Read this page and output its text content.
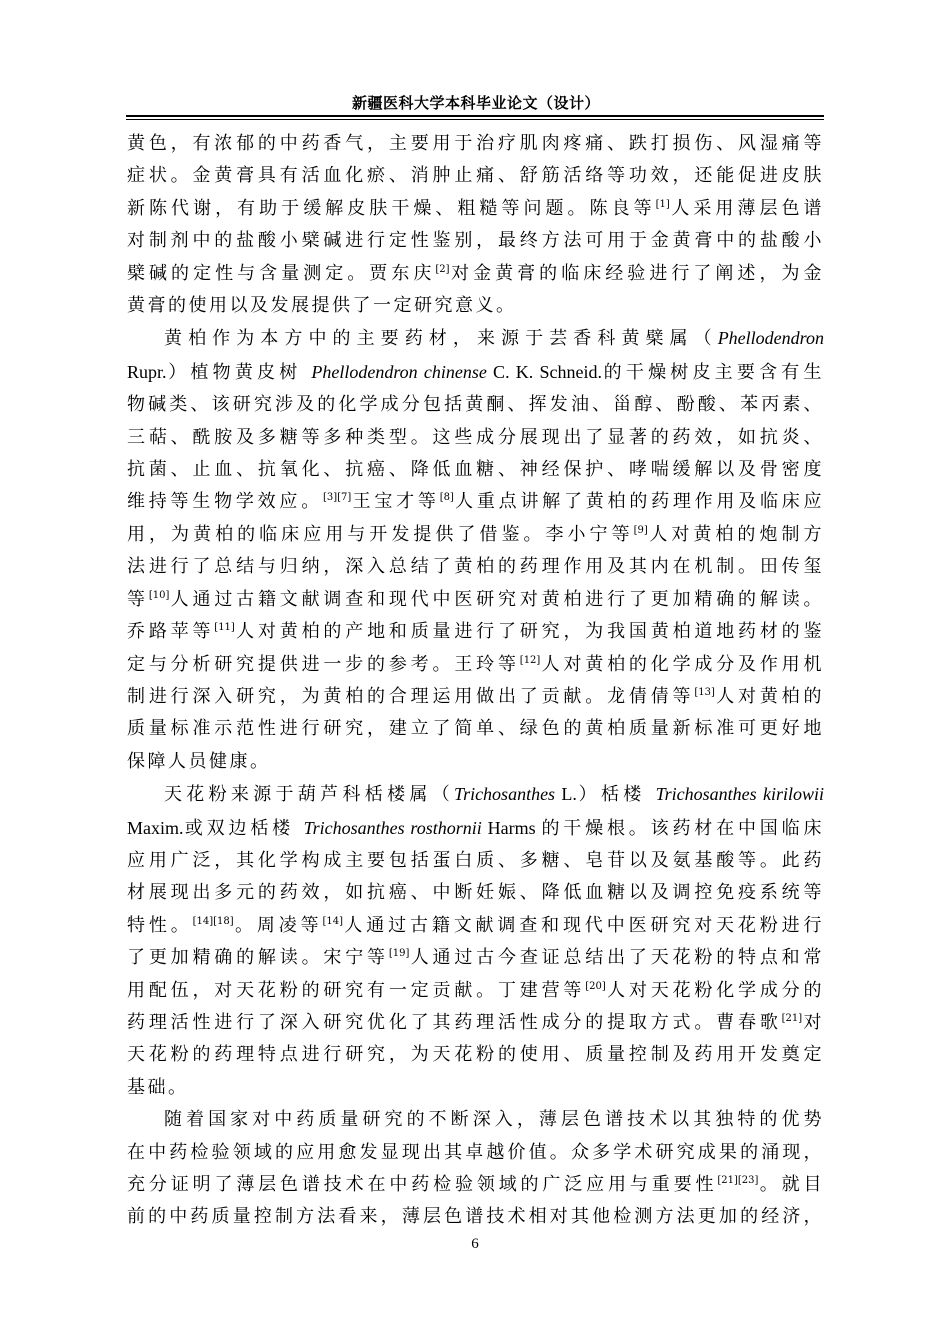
新疆医科大学本科毕业论文（设计）

黄色，有浓郁的中药香气，主要用于治疗肌肉疼痛、跌打损伤、风湿痛等

症状。金黄膏具有活血化瘀、消肿止痛、舒筋活络等功效，还能促进皮肤

新陈代谢，有助于缓解皮肤干燥、粗糙等问题。陈良等[1]人采用薄层色谱

对制剂中的盐酸小檗碱进行定性鉴别，最终方法可用于金黄膏中的盐酸小

檗碱的定性与含量测定。贾东庆[2]对金黄膏的临床经验进行了阐述，为金

黄膏的使用以及发展提供了一定研究意义。

黄柏作为本方中的主要药材，来源于芸香科黄檗属（Phellodendron

Rupr.）植物黄皮树 Phellodendron chinense C. K. Schneid.的干燥树皮主要含有生

物碱类、该研究涉及的化学成分包括黄酮、挥发油、甾醇、酚酸、苯丙素、

三萜、酰胺及多糖等多种类型。这些成分展现出了显著的药效，如抗炎、

抗菌、止血、抗氧化、抗癌、降低血糖、神经保护、哮喘缓解以及骨密度

维持等生物学效应。[3][7]王宝才等[8]人重点讲解了黄柏的药理作用及临床应

用，为黄柏的临床应用与开发提供了借鉴。李小宁等[9]人对黄柏的炮制方

法进行了总结与归纳，深入总结了黄柏的药理作用及其内在机制。田传玺

等[10]人通过古籍文献调查和现代中医研究对黄柏进行了更加精确的解读。

乔路苹等[11]人对黄柏的产地和质量进行了研究，为我国黄柏道地药材的鉴

定与分析研究提供进一步的参考。王玲等[12]人对黄柏的化学成分及作用机

制进行深入研究，为黄柏的合理运用做出了贡献。龙倩倩等[13]人对黄柏的

质量标准示范性进行研究，建立了简单、绿色的黄柏质量新标准可更好地

保障人员健康。

天花粉来源于葫芦科栝楼属（Trichosanthes L.）栝楼 Trichosanthes kirilowii

Maxim.或双边栝楼 Trichosanthes rosthornii Harms 的干燥根。该药材在中国临床

应用广泛，其化学构成主要包括蛋白质、多糖、皂苷以及氨基酸等。此药

材展现出多元的药效，如抗癌、中断妊娠、降低血糖以及调控免疫系统等

特性。[14][18]。周凌等[14]人通过古籍文献调查和现代中医研究对天花粉进行

了更加精确的解读。宋宁等[19]人通过古今查证总结出了天花粉的特点和常

用配伍，对天花粉的研究有一定贡献。丁建营等[20]人对天花粉化学成分的

药理活性进行了深入研究优化了其药理活性成分的提取方式。曹春歌[21]对

天花粉的药理特点进行研究，为天花粉的使用、质量控制及药用开发奠定

基础。

随着国家对中药质量研究的不断深入，薄层色谱技术以其独特的优势

在中药检验领域的应用愈发显现出其卓越价值。众多学术研究成果的涌现，

充分证明了薄层色谱技术在中药检验领域的广泛应用与重要性[21][23]。就目

前的中药质量控制方法看来，薄层色谱技术相对其他检测方法更加的经济，

6
